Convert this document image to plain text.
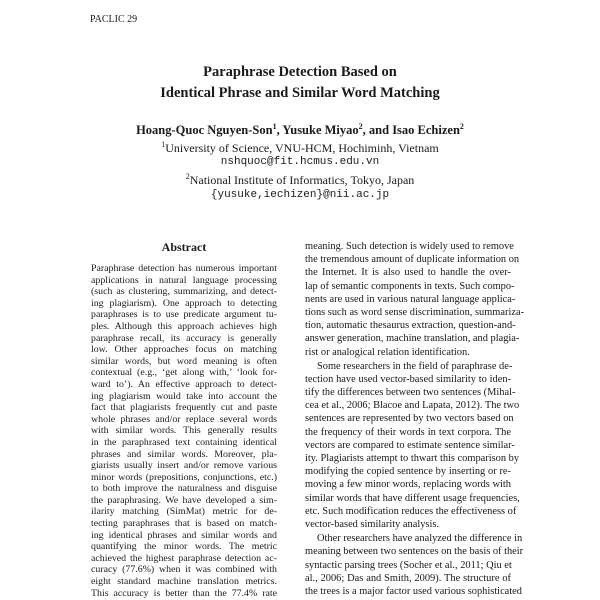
PACLIC 29
Paraphrase Detection Based on
Identical Phrase and Similar Word Matching
Hoang-Quoc Nguyen-Son$^1$, Yusuke Miyao$^2$, and Isao Echizen$^2$
$^1$University of Science, VNU-HCM, Hochiminh, Vietnam
nshquoc@fit.hcmus.edu.vn
$^2$National Institute of Informatics, Tokyo, Japan
{yusuke,iechizen}@nii.ac.jp
Abstract
Paraphrase detection has numerous important
applications in natural language processing
(such as clustering, summarizing, and detect-
ing plagiarism). One approach to detecting
paraphrases is to use predicate argument tu-
ples. Although this approach achieves high
paraphrase recall, its accuracy is generally
low. Other approaches focus on matching
similar words, but word meaning is often
contextual (e.g., ‘get along with,’ ‘look for-
ward to’). An effective approach to detect-
ing plagiarism would take into account the
fact that plagiarists frequently cut and paste
whole phrases and/or replace several words
with similar words. This generally results
in the paraphrased text containing identical
phrases and similar words. Moreover, pla-
giarists usually insert and/or remove various
minor words (prepositions, conjunctions, etc.)
to both improve the naturalness and disguise
the paraphrasing. We have developed a sim-
ilarity matching (SimMat) metric for de-
tecting paraphrases that is based on match-
ing identical phrases and similar words and
quantifying the minor words. The metric
achieved the highest paraphrase detection ac-
curacy (77.6%) when it was combined with
eight standard machine translation metrics.
This accuracy is better than the 77.4% rate
meaning. Such detection is widely used to remove
the tremendous amount of duplicate information on
the Internet. It is also used to handle the over-
lap of semantic components in texts. Such compo-
nents are used in various natural language applica-
tions such as word sense discrimination, summariza-
tion, automatic thesaurus extraction, question-and-
answer generation, machine translation, and plagia-
rist or analogical relation identification.
Some researchers in the field of paraphrase de-
tection have used vector-based similarity to iden-
tify the differences between two sentences (Mihal-
cea et al., 2006; Blacoe and Lapata, 2012). The two
sentences are represented by two vectors based on
the frequency of their words in text corpora. The
vectors are compared to estimate sentence similar-
ity. Plagiarists attempt to thwart this comparison by
modifying the copied sentence by inserting or re-
moving a few minor words, replacing words with
similar words that have different usage frequencies,
etc. Such modification reduces the effectiveness of
vector-based similarity analysis.
Other researchers have analyzed the difference in
meaning between two sentences on the basis of their
syntactic parsing trees (Socher et al., 2011; Qiu et
al., 2006; Das and Smith, 2009). The structure of
the trees is a major factor used various sophisticated
